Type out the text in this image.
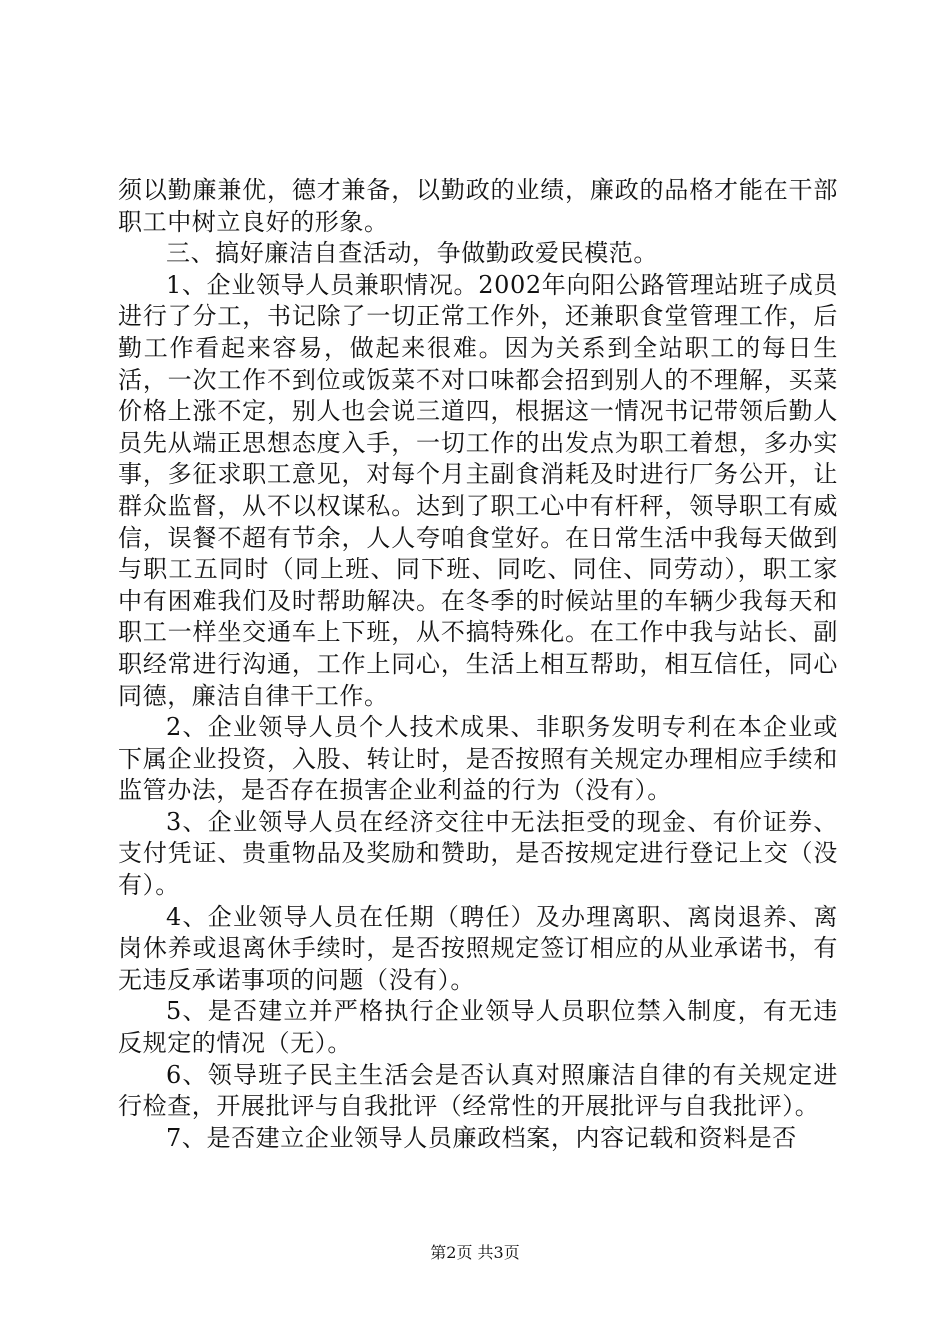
须以勤廉兼优，德才兼备，以勤政的业绩，廉政的品格才能在干部职工中树立良好的形象。

三、搞好廉洁自查活动，争做勤政爱民模范。

1、企业领导人员兼职情况。2002年向阳公路管理站班子成员进行了分工，书记除了一切正常工作外，还兼职食堂管理工作，后勤工作看起来容易，做起来很难。因为关系到全站职工的每日生活，一次工作不到位或饭菜不对口味都会招到别人的不理解，买菜价格上涨不定，别人也会说三道四，根据这一情况书记带领后勤人员先从端正思想态度入手，一切工作的出发点为职工着想，多办实事，多征求职工意见，对每个月主副食消耗及时进行厂务公开，让群众监督，从不以权谋私。达到了职工心中有杆秤，领导职工有威信，误餐不超有节余，人人夸咱食堂好。在日常生活中我每天做到与职工五同时（同上班、同下班、同吃、同住、同劳动），职工家中有困难我们及时帮助解决。在冬季的时候站里的车辆少我每天和职工一样坐交通车上下班，从不搞特殊化。在工作中我与站长、副职经常进行沟通，工作上同心，生活上相互帮助，相互信任，同心同德，廉洁自律干工作。

2、企业领导人员个人技术成果、非职务发明专利在本企业或下属企业投资，入股、转让时，是否按照有关规定办理相应手续和监管办法，是否存在损害企业利益的行为（没有）。

3、企业领导人员在经济交往中无法拒受的现金、有价证券、支付凭证、贵重物品及奖励和赞助，是否按规定进行登记上交（没有）。

4、企业领导人员在任期（聘任）及办理离职、离岗退养、离岗休养或退离休手续时，是否按照规定签订相应的从业承诺书，有无违反承诺事项的问题（没有）。

5、是否建立并严格执行企业领导人员职位禁入制度，有无违反规定的情况（无）。

6、领导班子民主生活会是否认真对照廉洁自律的有关规定进行检查，开展批评与自我批评（经常性的开展批评与自我批评）。

7、是否建立企业领导人员廉政档案，内容记载和资料是否

第2页 共3页
